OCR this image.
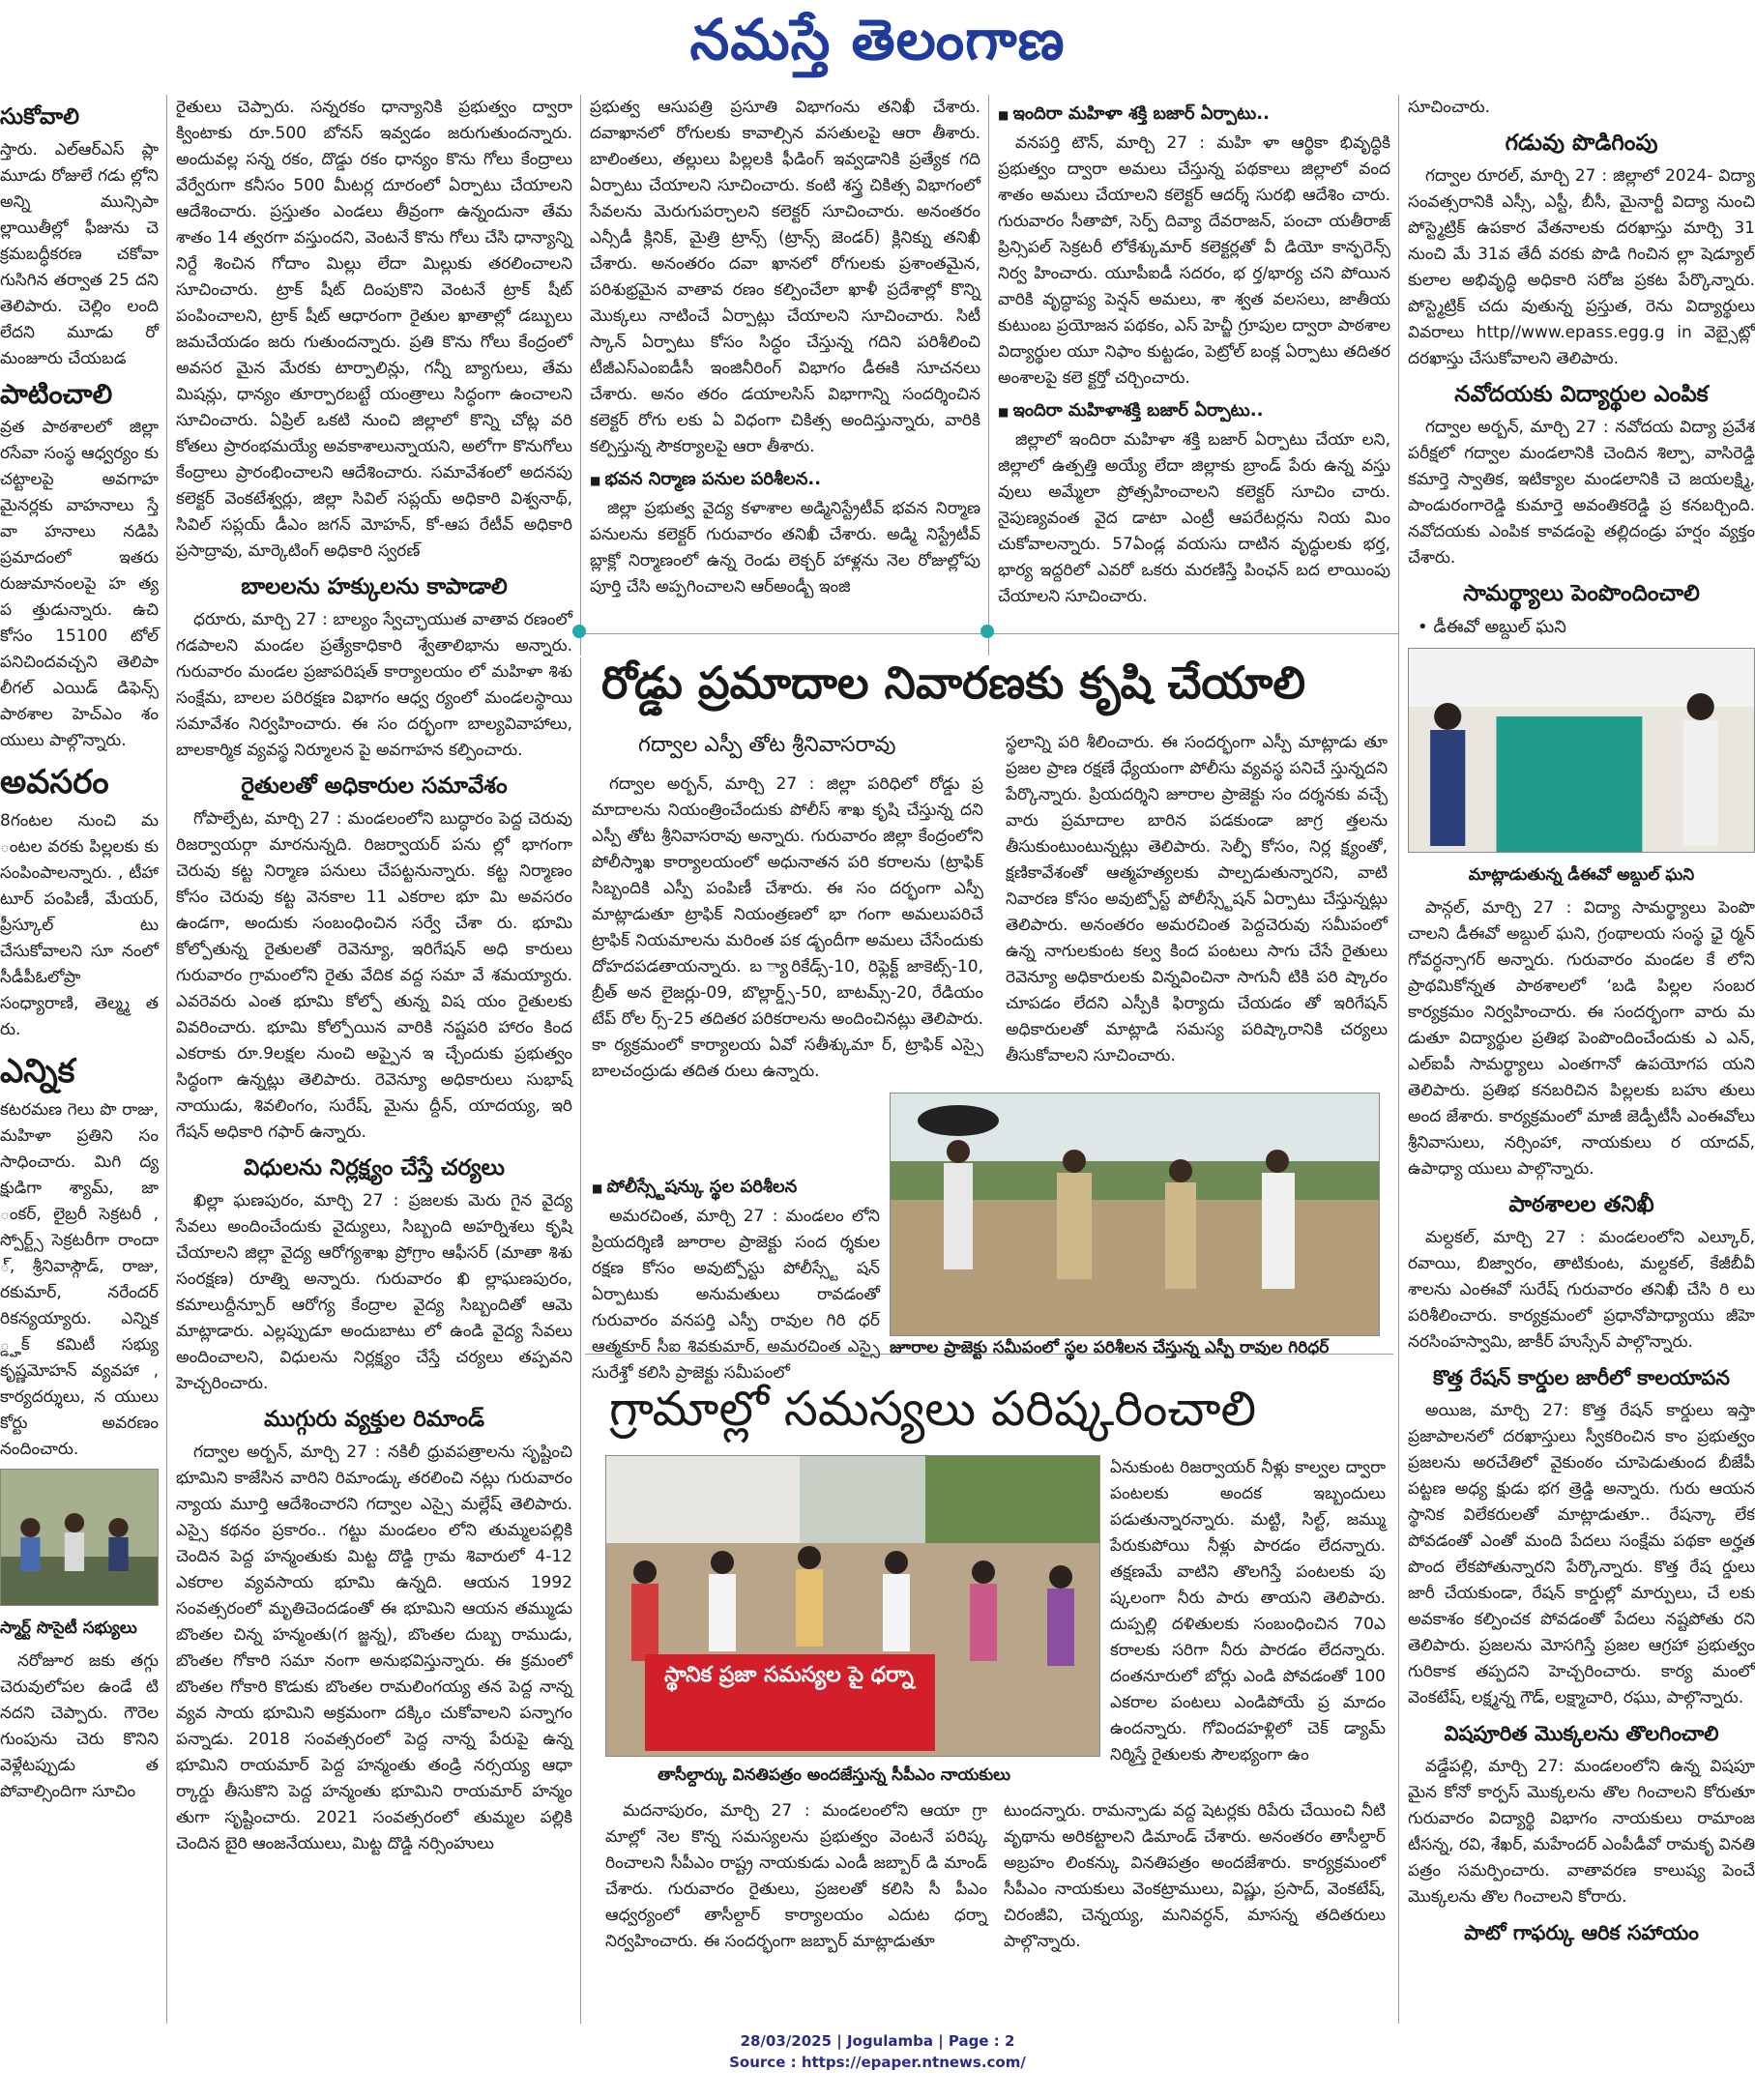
నమస్తే తెలంగాణ
సుకోవాలి

స్తారు. ఎల్ఆర్ఎస్ ప్లా మూడు రోజులే గడు ల్లోని అన్ని మున్సిపా ల్లాయితీల్లో ఫీజును చె క్రమబద్ధీకరణ చకోవా గుసిగిన తర్వాత 25 దని తెలిపారు. చెల్లిం లంది లేదని మూడు రో మంజూరు చేయబడ

పాటించాలి

వ్రత పాఠశాలలో జిల్లా రసేవా సంస్థ ఆధ్వర్యం కు చట్టాలపై అవగాహ మైనర్లకు వాహనాలు స్తే వా హనాలు నడిపి ప్రమాదంలో ఇతరు రుజుమానంలపై హ త్య ప త్తుడున్నారు. ఉచి కోసం 15100 టోల్ పనిచిందవచ్చని తెలిపా లీగల్ ఎయిడ్ డిఫెన్స్ పాఠశాల హెచ్ఎం శం యులు పాల్గొన్నారు.

అవసరం

8గంటల నుంచి మ ంటల వరకు పిల్లలకు కు సంపింపాలన్నారు. , టీహా టూర్ పంపిణీ, మేయర్, ప్రీస్కూల్ టు చేసుకోవాలని సూ నంలో సీడీపీఓలోప్రా సంధ్యారాణి, తెల్మ్మ త రు.

ఎన్నిక

కటరమణ గెలు పొ రాజు, మహిళా ప్రతిని సం సాధించారు. మిగి ద్య క్షుడిగా శ్యామ్, జా ంకర్, లైబ్రరీ సెక్రటరీ , స్పోర్ట్స్ సెక్రటరీగా రాందా ్, శ్రీనివాస్గౌడ్, రాజు, రకుమార్, నరేందర్ రికన్యయ్యారు. ఎన్నిక ్డ్హక్ కమిటీ సభ్యు కృష్ణమోహన్ వ్యవహా , కార్యదర్శులు, న యులు కోర్టు అవరణం నందించారు.

స్మార్ట్ సొసైటీ సభ్యులు

నరోజూర జకు తగ్గు చెరువులోపల ఉండే టి నదని చెప్పారు. గౌరెల గుంపును చెరు కొనిని వెళ్లేటప్పుడు త పోవాల్సిందిగా సూచిం

రైతులు చెప్పారు. సన్నరకం ధాన్యానికి ప్రభుత్వం ద్వారా క్వింటాకు రూ.500 బోనస్ ఇవ్వడం జరుగుతుందన్నారు. అందువల్ల సన్న రకం, దొడ్డు రకం ధాన్యం కొను గోలు కేంద్రాలు వేర్వేరుగా కనీసం 500 మీటర్ల దూరంలో ఏర్పాటు చేయాలని ఆదేశించారు. ప్రస్తుతం ఎండలు తీవ్రంగా ఉన్నందునా తేమ శాతం 14 త్వరగా వస్తుందని, వెంటనే కొను గోలు చేసి ధాన్యాన్ని నిర్దే శించిన గోదాం మిల్లు లేదా మిల్లుకు తరలించాలని సూచించారు. ట్రాక్ షీట్ దింపుకొని వెంటనే ట్రాక్ షీట్ పంపించాలని, ట్రాక్ షీట్ ఆధారంగా రైతుల ఖాతాల్లో డబ్బులు జమచేయడం జరు గుతుందన్నారు. ప్రతి కొను గోలు కేంద్రంలో అవసర మైన మేరకు టార్పాలిన్లు, గన్నీ బ్యాగులు, తేమ మిషన్లు, ధాన్యం తూర్పారబట్టే యంత్రాలు సిద్ధంగా ఉంచాలని సూచించారు. ఏప్రిల్ ఒకటి నుంచి జిల్లాలో కొన్ని చోట్ల వరి కోతలు ప్రారంభమయ్యే అవకాశాలున్నాయని, అలోగా కొనుగోలు కేంద్రాలు ప్రారంభించాలని ఆదేశించారు. సమావేశంలో అదనపు కలెక్టర్ వెంకటేశ్వర్లు, జిల్లా సివిల్ సప్లయ్ అధికారి విశ్వనాథ్, సివిల్ సప్లయ్ డీఎం జగన్ మోహన్, కో-ఆప రేటీవ్ అధికారి ప్రసాద్రావు, మార్కెటింగ్ అధికారి స్వరణ్

బాలలను హక్కులను కాపాడాలి

ధరూరు, మార్చి 27 : బాల్యం స్వేచ్ఛాయుత వాతావ రణంలో గడపాలని మండల ప్రత్యేకాధికారి శ్వేతాలిభాను అన్నారు. గురువారం మండల ప్రజాపరిషత్ కార్యాలయం లో మహిళా శిశు సంక్షేమ, బాలల పరిరక్షణ విభాగం ఆధ్వ ర్యంలో మండలస్థాయి సమావేశం నిర్వహించారు. ఈ సం దర్భంగా బాల్యవివాహాలు, బాలకార్మిక వ్యవస్థ నిర్మూలన పై అవగాహన కల్పించారు.

రైతులతో అధికారుల సమావేశం

గోపాల్పేట, మార్చి 27 : మండలంలోని బుద్ధారం పెద్ద చెరువు రిజర్వాయర్గా మారనున్నది. రిజర్వాయర్ పను ల్లో భాగంగా చెరువు కట్ట నిర్మాణ పనులు చేపట్టనున్నారు. కట్ట నిర్మాణం కోసం చెరువు కట్ట వెనకాల 11 ఎకరాల భూ మి అవసరం ఉండగా, అందుకు సంబంధించిన సర్వే చేశా రు. భూమి కోల్పోతున్న రైతులతో రెవెన్యూ, ఇరిగేషన్ అధి కారులు గురువారం గ్రామంలోని రైతు వేదిక వద్ద సమా వే శమయ్యారు. ఎవరెవరు ఎంత భూమి కోల్పో తున్న విష యం రైతులకు వివరించారు. భూమి కోల్పోయిన వారికి నష్టపరి హారం కింద ఎకరాకు రూ.9లక్షల నుంచి అప్పైన ఇ చ్చేందుకు ప్రభుత్వం సిద్ధంగా ఉన్నట్లు తెలిపారు. రెవెన్యూ అధికారులు సుభాష్ నాయుడు, శివలింగం, సురేష్, మైను ద్దీన్, యాదయ్య, ఇరి గేషన్ అధికారి గఫార్ ఉన్నారు.

విధులను నిర్లక్ష్యం చేస్తే చర్యలు

ఖిల్లా ఘణపురం, మార్చి 27 : ప్రజలకు మెరు గైన వైద్య సేవలు అందించేందుకు వైద్యులు, సిబ్బంది అహర్నిశలు కృషి చేయాలని జిల్లా వైద్య ఆరోగ్యశాఖ ప్రోగ్రాం ఆఫీసర్ (మాతా శిశు సంరక్షణ) రూత్ని అన్నారు. గురువారం ఖి ల్లాఘణపురం, కమాలుద్దీన్పూర్ ఆరోగ్య కేంద్రాల వైద్య సిబ్బందితో ఆమె మాట్లాడారు. ఎల్లప్పుడూ అందుబాటు లో ఉండి వైద్య సేవలు అందించాలని, విధులను నిర్లక్ష్యం చేస్తే చర్యలు తప్పవని హెచ్చరించారు.

ముగ్గురు వ్యక్తుల రిమాండ్

గద్వాల అర్బన్, మార్చి 27 : నకిలీ ధ్రువపత్రాలను సృష్టించి భూమిని కాజేసిన వారిని రిమాండ్కు తరలించి నట్లు గురువారం న్యాయ మూర్తి ఆదేశించారని గద్వాల ఎస్సై మల్లేష్ తెలిపారు. ఎస్సై కథనం ప్రకారం.. గట్టు మండలం లోని తుమ్మలపల్లికి చెందిన పెద్ద హన్మంతుకు మిట్ట దొడ్డి గ్రామ శివారులో 4-12 ఎకరాల వ్యవసాయ భూమి ఉన్నది. ఆయన 1992 సంవత్సరంలో మృతిచెందడంతో ఈ భూమిని ఆయన తమ్ముడు బొంతల చిన్న హన్మంతు(గ జ్జన్న), బొంతల దుబ్బ రాముడు, బొంతల గోకారి సమా నంగా అనుభవిస్తున్నారు. ఈ క్రమంలో బొంతల గోకారి కొడుకు బొంతల రామలింగయ్య తన పెద్ద నాన్న వ్యవ సాయ భూమిని అక్రమంగా దక్కిం చుకోవాలని పన్నాగం పన్నాడు. 2018 సంవత్సరంలో పెద్ద నాన్న పేరుపై ఉన్న భూమిని రాయమార్ పెద్ద హన్మంతు తండ్రి నర్సయ్య ఆధా ర్కార్డు తీసుకొని పెద్ద హన్మంతు భూమిని రాయమార్ హన్మం తుగా సృష్టించారు. 2021 సంవత్సరంలో తుమ్మల పల్లికి చెందిన బైరి ఆంజనేయులు, మిట్ట దొడ్డి నర్సింహులు

ప్రభుత్వ ఆసుపత్రి ప్రసూతి విభాగంను తనిఖీ చేశారు. దవాఖానలో రోగులకు కావాల్సిన వసతులపై ఆరా తీశారు. బాలింతలు, తల్లులు పిల్లలకి ఫీడింగ్ ఇవ్వడానికి ప్రత్యేక గది ఏర్పాటు చేయాలని సూచించారు. కంటి శస్త్ర చికిత్స విభాగంలో సేవలను మెరుగుపర్చాలని కలెక్టర్ సూచించారు. అనంతరం ఎన్సీడీ క్లినిక్, మైత్రి ట్రాన్స్ (ట్రాన్స్ జెండర్) క్లినిక్ను తనిఖీ చేశారు. అనంతరం దవా ఖానలో రోగులకు ప్రశాంతమైన, పరిశుభ్రమైన వాతావ రణం కల్పించేలా ఖాళీ ప్రదేశాల్లో కొన్ని మొక్కలు నాటించే ఏర్పాట్లు చేయాలని సూచించారు. సిటీ స్కాన్ ఏర్పాటు కోసం సిద్ధం చేస్తున్న గదిని పరిశీలించి టీజీఎస్ఎంఐడీసీ ఇంజినీరింగ్ విభాగం డీఈకి సూచనలు చేశారు. అనం తరం డయాలసిస్ విభాగాన్ని సందర్శించిన కలెక్టర్ రోగు లకు ఏ విధంగా చికిత్స అందిస్తున్నారు, వారికి కల్పిస్తున్న సౌకర్యాలపై ఆరా తీశారు.

■ భవన నిర్మాణ పనుల పరిశీలన..

జిల్లా ప్రభుత్వ వైద్య కళాశాల అడ్మినిస్ట్రేటీవ్ భవన నిర్మాణ పనులను కలెక్టర్ గురువారం తనిఖీ చేశారు. అడ్మి నిస్ట్రేటీవ్ బ్లాక్లో నిర్మాణంలో ఉన్న రెండు లెక్చర్ హాళ్లను నెల రోజుల్లోపు పూర్తి చేసి అప్పగించాలని ఆర్అండ్బీ ఇంజి

■ ఇందిరా మహిళా శక్తి బజార్ ఏర్పాటు..

వనపర్తి టౌన్, మార్చి 27 : మహి ళా ఆర్థికా భివృద్ధికి ప్రభుత్వం ద్వారా అమలు చేస్తున్న పథకాలు జిల్లాలో వంద శాతం అమలు చేయాలని కలెక్టర్ ఆదర్శ్ సురభి ఆదేశిం చారు. గురువారం సీతాపో, సెర్ప్ దివ్యా దేవరాజన్, పంచా యతీరాజ్ ప్రిన్సిపల్ సెక్రటరీ లోకేశ్కుమార్ కలెక్టర్లతో వీ డియో కాన్ఫరెన్స్ నిర్వ హించారు. యూపీఐడీ సదరం, భ ర్త/భార్య చని పోయిన వారికి వృద్ధాప్య పెన్షన్ అమలు, శా శ్వత వలసలు, జాతీయ కుటుంబ ప్రయోజన పథకం, ఎస్ హెచ్జీ గ్రూపుల ద్వారా పాఠశాల విద్యార్థుల యూ నిఫాం కుట్టడం, పెట్రోల్ బంక్ల ఏర్పాటు తదితర అంశాలపై కలె క్టర్తో చర్చించారు.

■ ఇందిరా మహిళాశక్తి బజార్ ఏర్పాటు..

జిల్లాలో ఇందిరా మహిళా శక్తి బజార్ ఏర్పాటు చేయా లని, జిల్లాలో ఉత్పత్తి అయ్యే లేదా జిల్లాకు బ్రాండ్ పేరు ఉన్న వస్తు వులు అమ్మేలా ప్రోత్సహించాలని కలెక్టర్ సూచిం చారు. నైపుణ్యవంత వైద డాటా ఎంట్రీ ఆపరేటర్లను నియ మిం చుకోవాలన్నారు. 57ఏండ్ల వయసు దాటిన వృద్ధులకు భర్త, భార్య ఇద్దరిలో ఎవరో ఒకరు మరణిస్తే పింఛన్ బద లాయింపు చేయాలని సూచించారు.

రోడ్డు ప్రమాదాల నివారణకు కృషి చేయాలి
గద్వాల ఎస్పీ తోట శ్రీనివాసరావు

గద్వాల అర్బన్, మార్చి 27 : జిల్లా పరిధిలో రోడ్డు ప్ర మాదాలను నియంత్రించేందుకు పోలీస్ శాఖ కృషి చేస్తున్న దని ఎస్పీ తోట శ్రీనివాసరావు అన్నారు. గురువారం జిల్లా కేంద్రంలోని పోలీస్శాఖ కార్యాలయంలో అధునాతన పరి కరాలను (ట్రాఫిక్ సిబ్బందికి ఎస్పీ పంపిణీ చేశారు. ఈ సం దర్భంగా ఎస్పీ మాట్లాడుతూ ట్రాఫిక్ నియంత్రణలో భా గంగా అమలుపరిచే ట్రాఫిక్ నియమాలను మరింత పక డ్బందీగా అమలు చేసేందుకు దోహదపడతాయన్నారు. బ ్యారికేడ్స్-10, రిఫ్లెక్ట్ జాకెట్స్-10, బ్రీత్ అన లైజర్లు-09, బొల్లార్డ్స్-50, బాటమ్స్-20, రేడియం టేప్ రోల ర్స్-25 తదితర పరికరాలను అందించినట్లు తెలిపారు. కా ర్యక్రమంలో కార్యాలయ ఏవో సతీశ్కుమా ర్, ట్రాఫిక్ ఎస్సై బాలచంద్రుడు తదిత రులు ఉన్నారు.

స్థలాన్ని పరి శీలించారు. ఈ సందర్భంగా ఎస్పీ మాట్లాడు తూ ప్రజల ప్రాణ రక్షణే ధ్యేయంగా పోలీసు వ్యవస్థ పనిచే స్తున్నదని పేర్కొన్నారు. ప్రియదర్శిని జూరాల ప్రాజెక్టు సం దర్శనకు వచ్చే వారు ప్రమాదాల బారిన పడకుండా జాగ్ర త్తలను తీసుకుంటుంటున్నట్లు తెలిపారు. సెల్ఫీ కోసం, నిర్ల క్ష్యంతో, క్షణికావేశంతో ఆత్మహత్యలకు పాల్పడుతున్నారని, వాటి నివారణ కోసం అవుట్పోస్ట్ పోలీస్స్టేషన్ ఏర్పాటు చేస్తున్నట్లు తెలిపారు. అనంతరం అమరచింత పెద్దచెరువు సమీపంలో ఉన్న నాగులకుంట కల్వ కింద పంటలు సాగు చేసే రైతులు రెవెన్యూ అధికారులకు విన్నవించినా సాగునీ టికి పరి ష్కారం చూపడం లేదని ఎస్పీకి ఫిర్యాదు చేయడం తో ఇరిగేషన్ అధికారులతో మాట్లాడి సమస్య పరిష్కారానికి చర్యలు తీసుకోవాలని సూచించారు.

■ పోలీస్స్టేషన్కు స్థల పరిశీలన

అమరచింత, మార్చి 27 : మండలం లోని ప్రియదర్శిణి జూరాల ప్రాజెక్టు సంద ర్శకుల రక్షణ కోసం అవుట్పోస్టు పోలీస్స్టే షన్ ఏర్పాటుకు అనుమతులు రావడంతో గురువారం వనపర్తి ఎస్పీ రావుల గిరి ధర్ ఆత్మకూర్ సీఐ శివకుమార్, అమరచింత ఎస్సై సురేశ్తో కలిసి ప్రాజెక్టు సమీపంలో

జూరాల ప్రాజెక్టు సమీపంలో స్థల పరిశీలన చేస్తున్న ఎస్పీ రావుల గిరిధర్
గ్రామాల్లో సమస్యలు పరిష్కరించాలి
స్థానిక ప్రజా సమస్యల పై ధర్నా
తాసీల్దార్కు వినతిపత్రం అందజేస్తున్న సీపీఎం నాయకులు

ఏనుకుంట రిజర్వాయర్ నీళ్లు కాల్వల ద్వారా పంటలకు అందక ఇబ్బందులు పడుతున్నారన్నారు. మట్టి, సిల్ట్, జమ్ము పేరుకుపోయి నీళ్లు పారడం లేదన్నారు. తక్షణమే వాటిని తొలగిస్తే పంటలకు పు ష్కలంగా నీరు పారు తాయని తెలిపారు. దుప్పల్లి దళితులకు సంబంధించిన 70ఎ కరాలకు సరిగా నీరు పారడం లేదన్నారు. దంతనూరులో బోర్లు ఎండి పోవడంతో 100 ఎకరాల పంటలు ఎండిపోయే ప్ర మాదం ఉందన్నారు. గోవిందహళ్లిలో చెక్ డ్యామ్ నిర్మిస్తే రైతులకు సౌలభ్యంగా ఉం

మదనాపురం, మార్చి 27 : మండలంలోని ఆయా గ్రా మాల్లో నెల కొన్న సమస్యలను ప్రభుత్వం వెంటనే పరిష్క రించాలని సీపీఎం రాష్ట్ర నాయకుడు ఎండీ జబ్బార్ డి మాండ్ చేశారు. గురువారం రైతులు, ప్రజలతో కలిసి సీ పీఎం ఆధ్వర్యంలో తాసీల్దార్ కార్యాలయం ఎదుట ధర్నా నిర్వహించారు. ఈ సందర్భంగా జబ్బార్ మాట్లాడుతూ

టుందన్నారు. రామన్పాడు వద్ద షెటర్లకు రిపేరు చేయించి నీటి వృథాను అరికట్టాలని డిమాండ్ చేశారు. అనంతరం తాసీల్దార్ అబ్రహం లింకన్కు వినతిపత్రం అందజేశారు. కార్యక్రమంలో సీపీఎం నాయకులు వెంకట్రాములు, విష్ణు, ప్రసాద్, వెంకటేష్, చిరంజీవి, చెన్నయ్య, మనివర్ధన్, మాసన్న తదితరులు పాల్గొన్నారు.

సూచించారు.

గడువు పొడిగింపు

గద్వాల రూరల్, మార్చి 27 : జిల్లాలో 2024- విద్యా సంవత్సరానికి ఎస్సీ, ఎస్టీ, బీసీ, మైనార్టీ విద్యా నుంచి పోస్ట్మెట్రిక్ ఉపకార వేతనాలకు దరఖాస్తు మార్చి 31 నుంచి మే 31వ తేదీ వరకు పొడి గించిన ల్లా షెడ్యూల్ కులాల అభివృద్ధి అధికారి సరోజ ప్రకట పేర్కొన్నారు. పోస్ట్మెట్రిక్ చదు వుతున్న ప్రస్తుత, రెను విద్యార్థులు వివరాలు http//www.epass.egg.g in వెబ్సైట్లో దరఖాస్తు చేసుకోవాలని తెలిపారు.

నవోదయకు విద్యార్థుల ఎంపిక

గద్వాల అర్బన్, మార్చి 27 : నవోదయ విద్యా ప్రవేశ పరీక్షలో గద్వాల మండలానికి చెందిన శిల్పా, వాసిరెడ్డి కమార్తె స్వాతిక, ఇటిక్యాల మండలానికి చె జయలక్ష్మి, పాండురంగారెడ్డి కుమార్తె అవంతికరెడ్డి ప్ర కనబర్చింది. నవోదయకు ఎంపిక కావడంపై తల్లిదండ్రు హర్షం వ్యక్తం చేశారు.

సామర్థ్యాలు పెంపొందించాలి

• డీఈవో అబ్దుల్ ఘని

మాట్లాడుతున్న డీఈవో అబ్దుల్ ఘని

పాన్గల్, మార్చి 27 : విద్యా సామర్థ్యాలు పెంపొ చాలని డీఈవో అబ్దుల్ ఘని, గ్రంథాలయ సంస్థ ఛై ర్మన్ గోవర్ధన్సాగర్ అన్నారు. గురువారం మండల కే లోని ప్రాథమికోన్నత పాఠశాలలో ‘బడి పిల్లల సంబర కార్యక్రమం నిర్వహించారు. ఈ సందర్భంగా వారు మ డుతూ విద్యార్థుల ప్రతిభ పెంపొందించేందుకు ఎ ఎన్, ఎల్ఐపీ సామర్థ్యాలు ఎంతగానో ఉపయోగప యని తెలిపారు. ప్రతిభ కనబరిచిన పిల్లలకు బహు తులు అంద జేశారు. కార్యక్రమంలో మాజీ జెడ్పీటీసీ ఎంఈవోలు శ్రీనివాసులు, నర్సింహా, నాయకులు ర యాదవ్, ఉపాధ్యా యులు పాల్గొన్నారు.

పాఠశాలల తనిఖీ

మల్దకల్, మార్చి 27 : మండలంలోని ఎల్కూర్, రవాయి, బిజ్వారం, తాటికుంట, మల్దకల్, కేజీబీవీ శాలను ఎంఈవో సురేష్ గురువారం తనిఖీ చేసి రి లు పరిశీలించారు. కార్యక్రమంలో ప్రధానోపాధ్యాయు జీహె నరసింహస్వామి, జాకీర్ హుస్సేన్ పాల్గొన్నారు.

కొత్త రేషన్ కార్డుల జారీలో కాలయాపన

అయిజ, మార్చి 27: కొత్త రేషన్ కార్డులు ఇస్తా ప్రజాపాలనలో దరఖాస్తులు స్వీకరించిన కాం ప్రభుత్వం ప్రజలను అరచేతిలో వైకుంఠం చూపెడుతుంద బీజేపీ పట్టణ అధ్య క్షుడు భగ త్రెడ్డి అన్నారు. గురు ఆయన స్థానిక విలేకరులతో మాట్లాడుతూ.. రేషన్కా లేక పోవడంతో ఎంతో మంది పేదలు సంక్షేమ పథకా అర్హత పొంద లేకపోతున్నారని పేర్కొన్నారు. కొత్త రేష ర్డులు జారీ చేయకుండా, రేషన్ కార్డుల్లో మార్పులు, చే లకు అవకాశం కల్పించక పోవడంతో పేదలు నష్టపోతు రని తెలిపారు. ప్రజలను మోసగిస్తే ప్రజల ఆగ్రహా ప్రభుత్వం గురికాక తప్పదని హెచ్చరించారు. కార్య మంలో వెంకటేష్, లక్ష్మన్న గౌడ్, లక్ష్మాచారి, రఘు, పాల్గొన్నారు.

విషపూరిత మొక్కలను తొలగించాలి

వడ్డేపల్లి, మార్చి 27: మండలంలోని ఉన్న విషపూ మైన కోనో కార్పస్ మొక్కలను తొల గించాలని కోరుతూ గురువారం విద్యార్థి విభాగం నాయకులు రామాంజ టీసన్న, రవి, శేఖర్, మహేందర్ ఎంపీడీవో రామకృ వినతి పత్రం సమర్పించారు. వాతావరణ కాలుష్య పెంచే మొక్కలను తొల గించాలని కోరారు.

పాటో గాఫర్కు ఆరిక సహాయం
28/03/2025 | Jogulamba | Page : 2
Source : https://epaper.ntnews.com/
